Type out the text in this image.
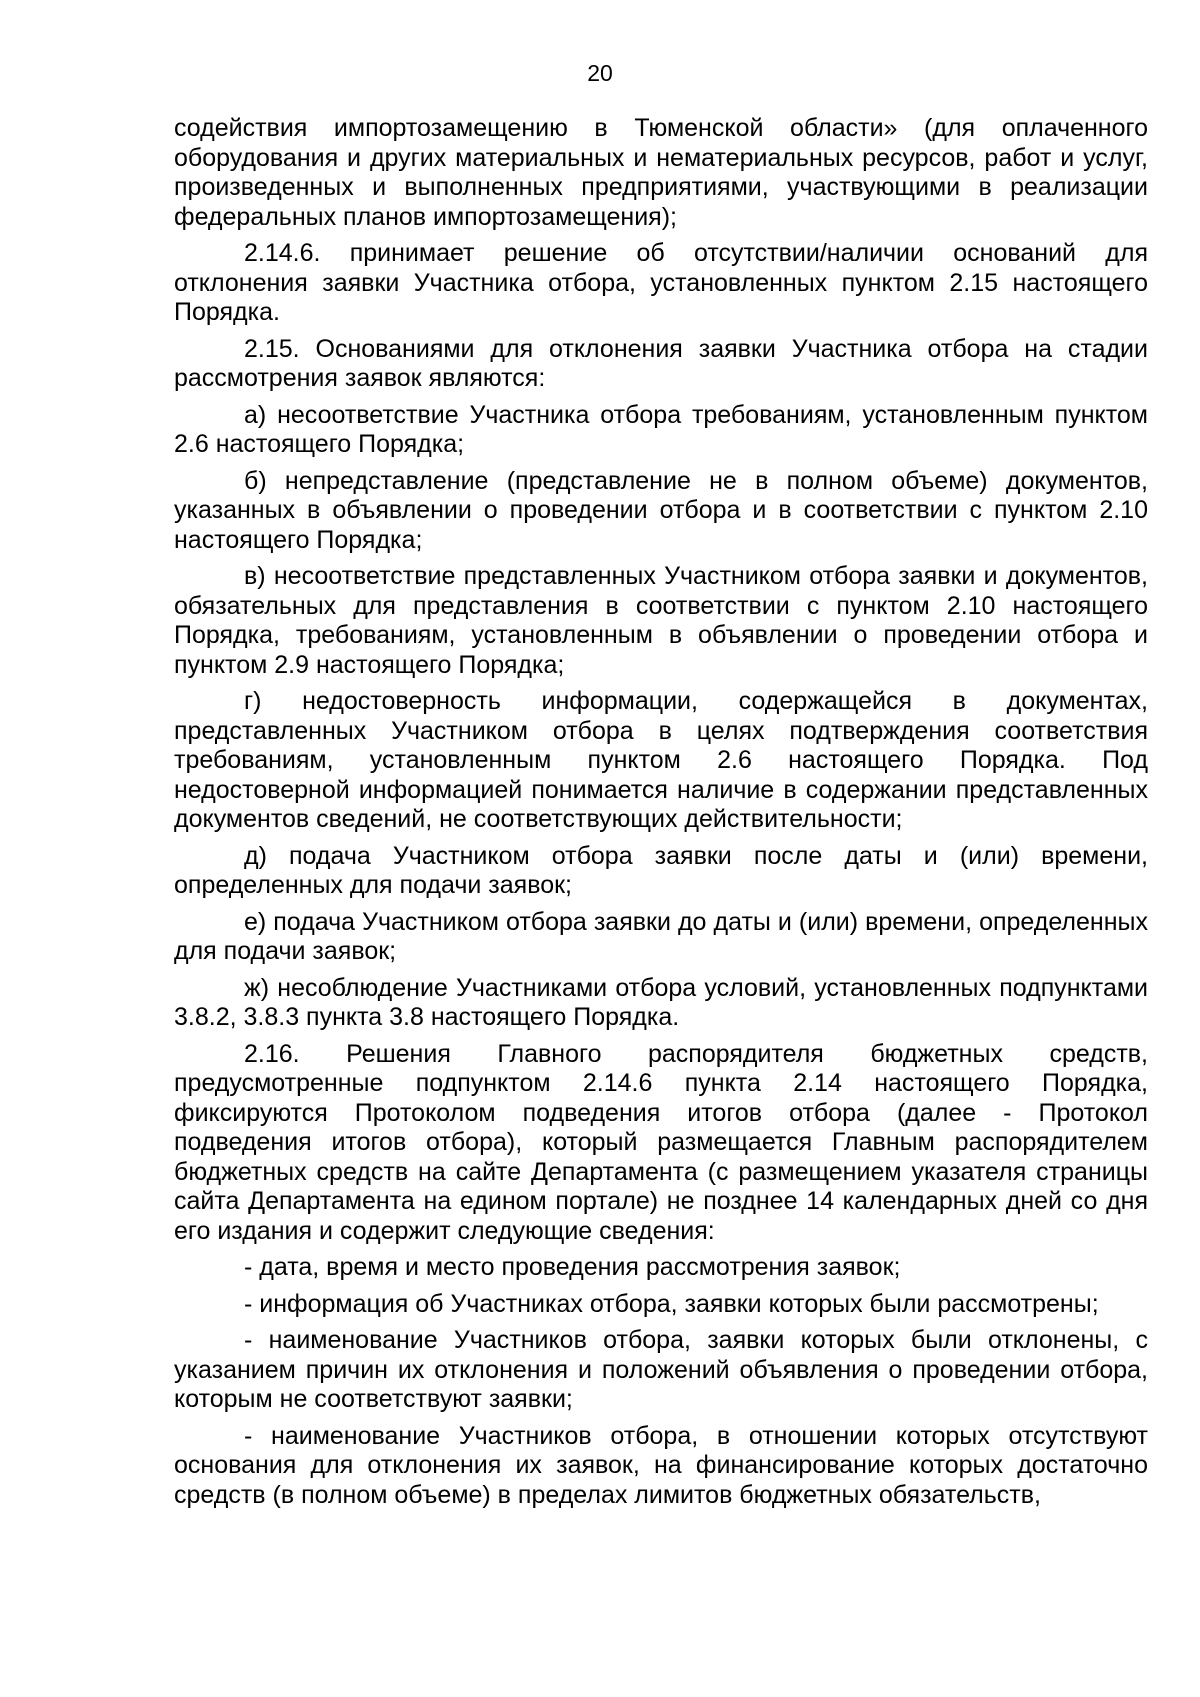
20

содействия импортозамещению в Тюменской области» (для оплаченного оборудования и других материальных и нематериальных ресурсов, работ и услуг, произведенных и выполненных предприятиями, участвующими в реализации федеральных планов импортозамещения);

2.14.6. принимает решение об отсутствии/наличии оснований для отклонения заявки Участника отбора, установленных пунктом 2.15 настоящего Порядка.

2.15. Основаниями для отклонения заявки Участника отбора на стадии рассмотрения заявок являются:

а) несоответствие Участника отбора требованиям, установленным пунктом 2.6 настоящего Порядка;

б) непредставление (представление не в полном объеме) документов, указанных в объявлении о проведении отбора и в соответствии с пунктом 2.10 настоящего Порядка;

в) несоответствие представленных Участником отбора заявки и документов, обязательных для представления в соответствии с пунктом 2.10 настоящего Порядка, требованиям, установленным в объявлении о проведении отбора и пунктом 2.9 настоящего Порядка;

г) недостоверность информации, содержащейся в документах, представленных Участником отбора в целях подтверждения соответствия требованиям, установленным пунктом 2.6 настоящего Порядка. Под недостоверной информацией понимается наличие в содержании представленных документов сведений, не соответствующих действительности;

д) подача Участником отбора заявки после даты и (или) времени, определенных для подачи заявок;

е) подача Участником отбора заявки до даты и (или) времени, определенных для подачи заявок;

ж) несоблюдение Участниками отбора условий, установленных подпунктами 3.8.2, 3.8.3 пункта 3.8 настоящего Порядка.

2.16. Решения Главного распорядителя бюджетных средств, предусмотренные подпунктом 2.14.6 пункта 2.14 настоящего Порядка, фиксируются Протоколом подведения итогов отбора (далее - Протокол подведения итогов отбора), который размещается Главным распорядителем бюджетных средств на сайте Департамента (с размещением указателя страницы сайта Департамента на едином портале) не позднее 14 календарных дней со дня его издания и содержит следующие сведения:

- дата, время и место проведения рассмотрения заявок;

- информация об Участниках отбора, заявки которых были рассмотрены;

- наименование Участников отбора, заявки которых были отклонены, с указанием причин их отклонения и положений объявления о проведении отбора, которым не соответствуют заявки;

- наименование Участников отбора, в отношении которых отсутствуют основания для отклонения их заявок, на финансирование которых достаточно средств (в полном объеме) в пределах лимитов бюджетных обязательств,
